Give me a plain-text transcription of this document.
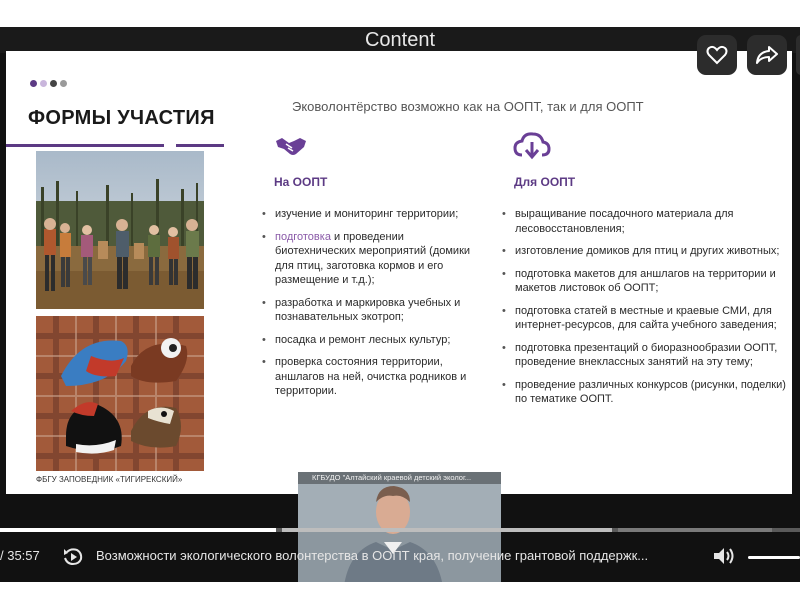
Content
ФОРМЫ УЧАСТИЯ
Эковолонтёрство возможно как на ООПТ, так и для ООПТ
ФБГУ ЗАПОВЕДНИК «ТИГИРЕКСКИЙ»
На ООПТ
• изучение и мониторинг территории;
• подготовка и проведении биотехнических мероприятий (домики для птиц, заготовка кормов и его размещение и т.д.);
• разработка и маркировка учебных и познавательных экотроп;
• посадка и ремонт лесных культур;
• проверка состояния территории, аншлагов на ней, очистка родников и территории.
Для ООПТ
• выращивание посадочного материала для лесовосстановления;
• изготовление домиков для птиц и других животных;
• подготовка макетов для аншлагов на территории и макетов листовок об ООПТ;
• подготовка статей в местные и краевые СМИ, для интернет-ресурсов, для сайта учебного заведения;
• подготовка презентаций о биоразнообразии ООПТ, проведение внеклассных занятий на эту тему;
• проведение различных конкурсов (рисунки, поделки) по тематике ООПТ.
КГБУДО "Алтайский краевой детский эколог...
/ 35:57	Возможности экологического волонтерства в ООПТ края, получение грантовой поддержк...
